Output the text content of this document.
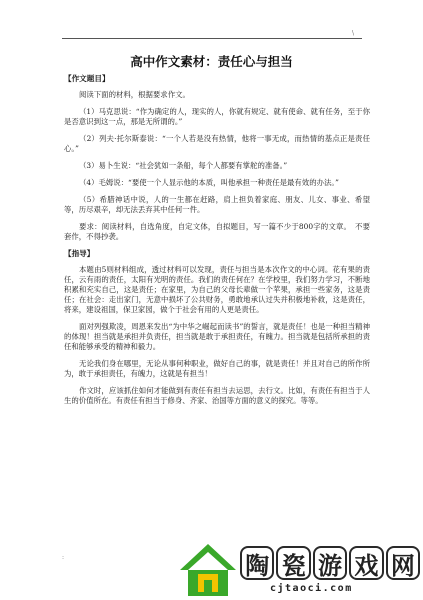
\
高中作文素材：责任心与担当
【作文题目】
阅读下面的材料，根据要求作文。
（1）马克思说：“作为确定的人，现实的人，你就有规定、就有使命、就有任务，至于你是否意识到这一点，那是无所谓的。”
（2）列夫·托尔斯泰说：“一个人若是没有热情，他将一事无成，而热情的基点正是责任心。”
（3）易卜生说：“社会犹如一条船，每个人都要有掌舵的准备。”
（4）毛姆说：“要使一个人显示他的本质，叫他承担一种责任是最有效的办法。”
（5）希腊神话中说，人的一生都在赶路，肩上担负着家庭、朋友、儿女、事业、希望等，历尽艰辛，却无法丢弃其中任何一件。
要求：阅读材料，自选角度，自定文体，自拟题目，写一篇不少于800字的文章。　不要套作，不得抄袭。
【指导】
本题由5则材料组成，透过材料可以发现，责任与担当是本次作文的中心词。花有果的责任，云有雨的责任，太阳有光明的责任。我们的责任何在？在学校里，我们努力学习，不断地积累和充实自己，这是责任；在家里，为自己的父母长辈做一个苹果，承担一些家务，这是责任；在社会：走出家门，无意中损坏了公共财务，勇敢地承认过失并积极地补救，这是责任，将来，建设祖国，保卫家园，做个于社会有用的人更是责任。
面对列强欺凌，周恩来发出“为中华之崛起而读书”的誓言，就是责任！也是一种担当精神的体现！担当就是承担并负责任，担当就是敢于承担责任，有魄力。担当就是包括所承担的责任和能够承受的精神和毅力。
无论我们身在哪里，无论从事何种职业，做好自己的事，就是责任！并且对自己的所作所为，敢于承担责任，有魄力，这就是有担当！
作文时，应该抓住如何才能做到有责任有担当去运思，去行文。比如，有责任有担当于人生的价值所在。有责任有担当于修身、齐家、治国等方面的意义的探究。等等。
:	陶 瓷 游 戏 网
cjtaoci.com
